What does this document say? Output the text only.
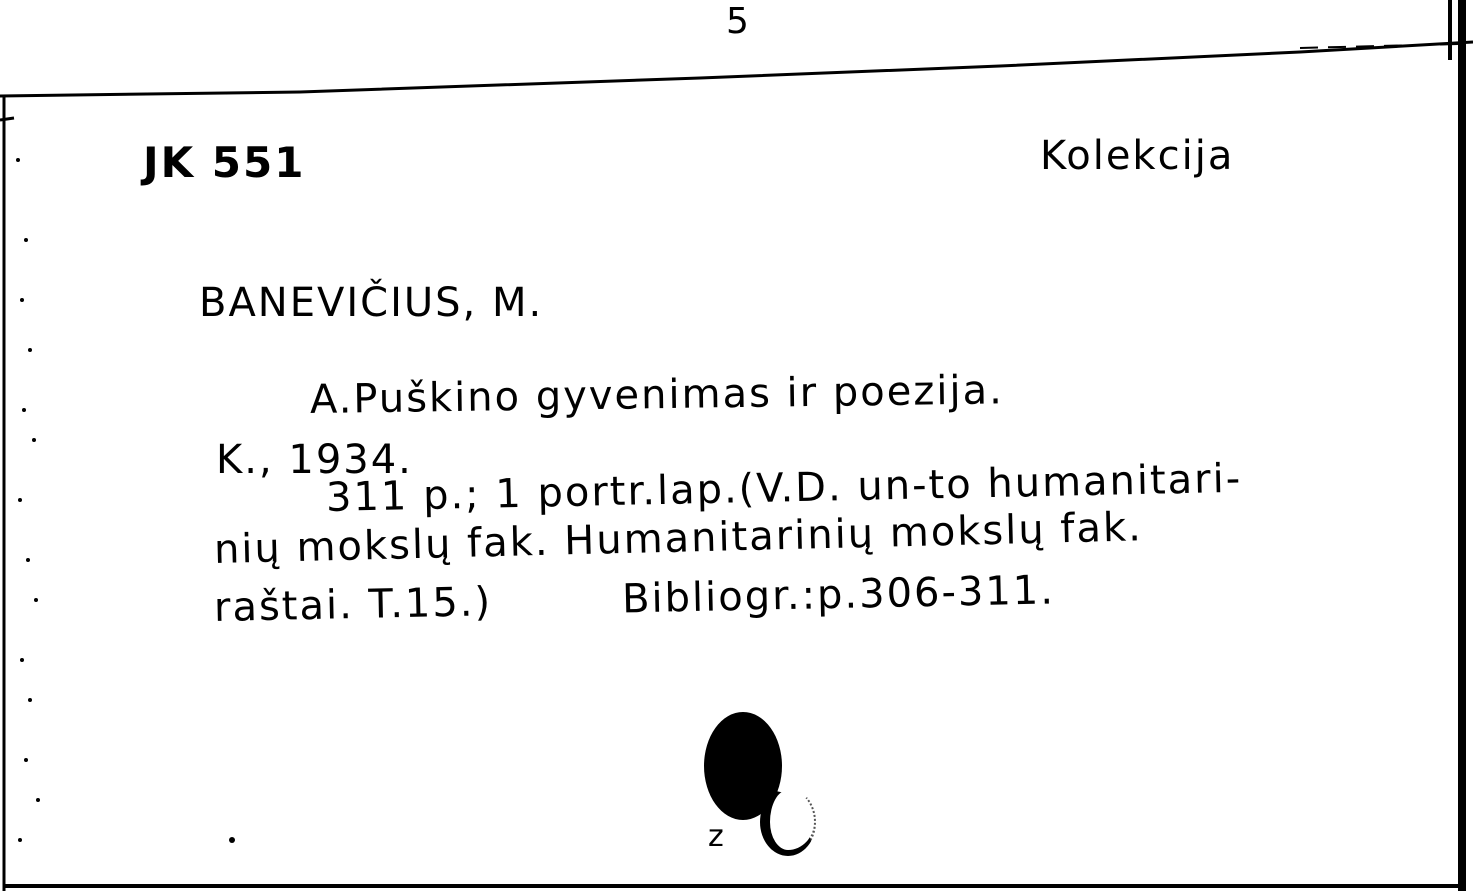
5
JK 551	Kolekcija
BANEVIČIUS, M.
A.Puškino gyvenimas ir poezija.
K., 1934.
311 p.; 1 portr.lap.(V.D. un-to humanitari-
nių mokslų fak. Humanitarinių mokslų fak.
raštai. T.15.)	Bibliogr.:p.306-311.
z
